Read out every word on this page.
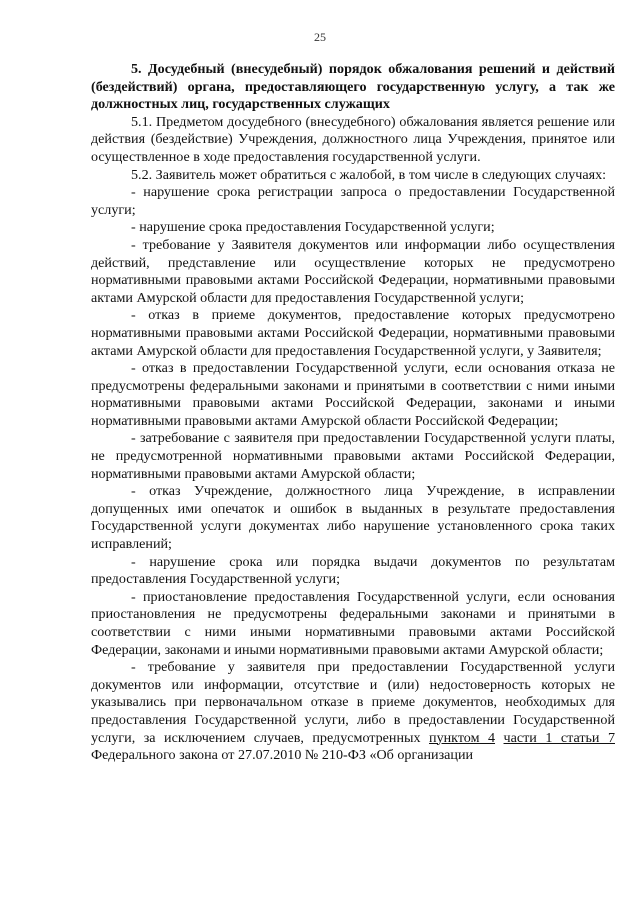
25

5. Досудебный (внесудебный) порядок обжалования решений и действий (бездействий) органа, предоставляющего государственную услугу, а так же должностных лиц, государственных служащих

5.1. Предметом досудебного (внесудебного) обжалования является решение или действия (бездействие) Учреждения, должностного лица Учреждения, принятое или осуществленное в ходе предоставления государственной услуги.

5.2. Заявитель может обратиться с жалобой, в том числе в следующих случаях:

- нарушение срока регистрации запроса о предоставлении Государственной услуги;

- нарушение срока предоставления Государственной услуги;

- требование у Заявителя документов или информации либо осуществления действий, представление или осуществление которых не предусмотрено нормативными правовыми актами Российской Федерации, нормативными правовыми актами Амурской области для предоставления Государственной услуги;

- отказ в приеме документов, предоставление которых предусмотрено нормативными правовыми актами Российской Федерации, нормативными правовыми актами Амурской области для предоставления Государственной услуги, у Заявителя;

- отказ в предоставлении Государственной услуги, если основания отказа не предусмотрены федеральными законами и принятыми в соответствии с ними иными нормативными правовыми актами Российской Федерации, законами и иными нормативными правовыми актами Амурской области Российской Федерации;

- затребование с заявителя при предоставлении Государственной услуги платы, не предусмотренной нормативными правовыми актами Российской Федерации, нормативными правовыми актами Амурской области;

- отказ Учреждение, должностного лица Учреждение, в исправлении допущенных ими опечаток и ошибок в выданных в результате предоставления Государственной услуги документах либо нарушение установленного срока таких исправлений;

- нарушение срока или порядка выдачи документов по результатам предоставления Государственной услуги;

- приостановление предоставления Государственной услуги, если основания приостановления не предусмотрены федеральными законами и принятыми в соответствии с ними иными нормативными правовыми актами Российской Федерации, законами и иными нормативными правовыми актами Амурской области;

- требование у заявителя при предоставлении Государственной услуги документов или информации, отсутствие и (или) недостоверность которых не указывались при первоначальном отказе в приеме документов, необходимых для предоставления Государственной услуги, либо в предоставлении Государственной услуги, за исключением случаев, предусмотренных пунктом 4 части 1 статьи 7 Федерального закона от 27.07.2010 № 210-ФЗ «Об организации
